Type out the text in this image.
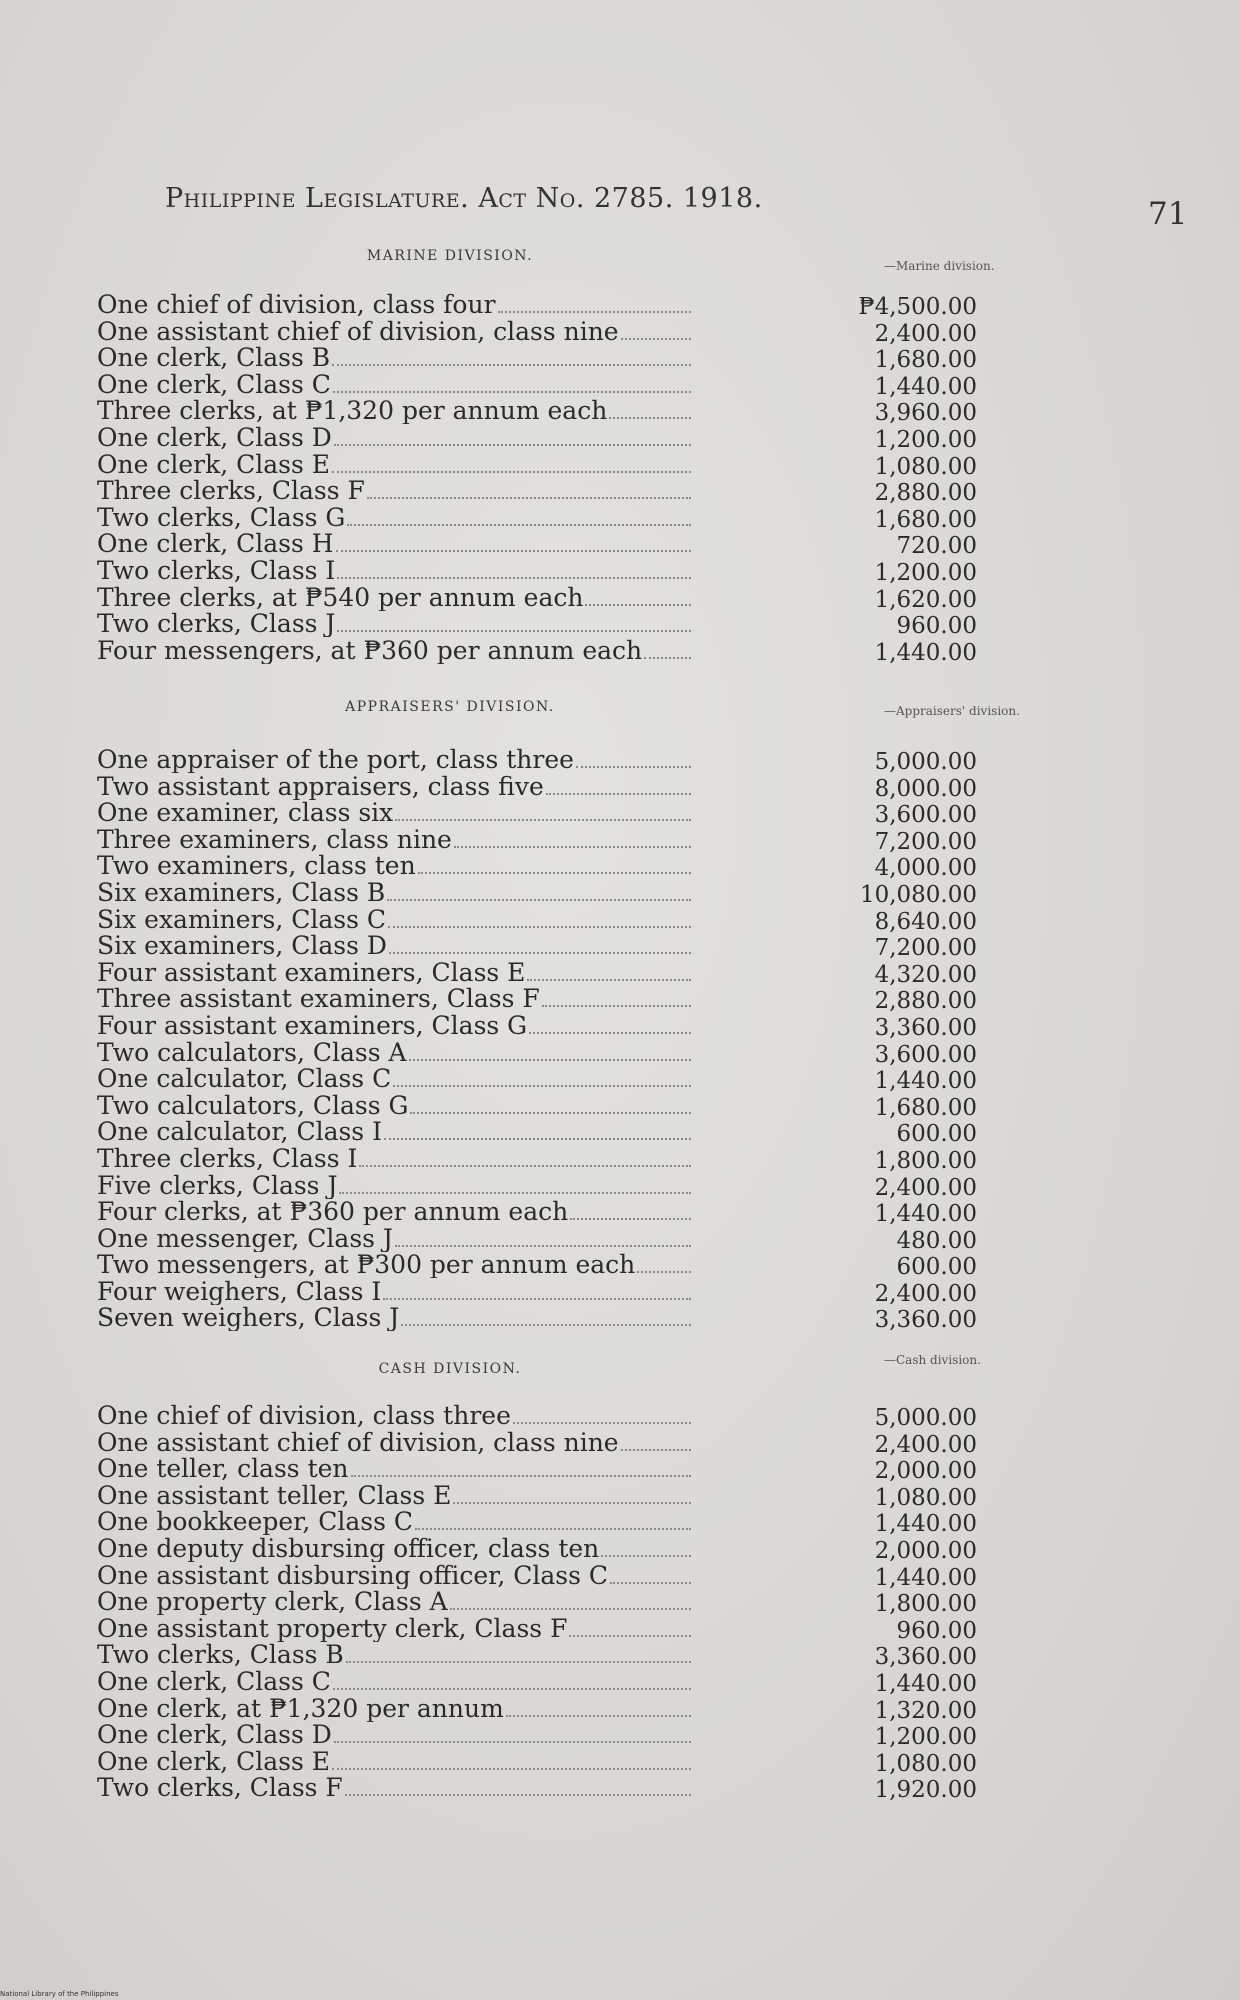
Philippine Legislature. Act No. 2785. 1918.	71
MARINE DIVISION.
—Marine division.
One chief of division, class four	₱4,500.00
One assistant chief of division, class nine	2,400.00
One clerk, Class B	1,680.00
One clerk, Class C	1,440.00
Three clerks, at ₱1,320 per annum each	3,960.00
One clerk, Class D	1,200.00
One clerk, Class E	1,080.00
Three clerks, Class F	2,880.00
Two clerks, Class G	1,680.00
One clerk, Class H	720.00
Two clerks, Class I	1,200.00
Three clerks, at ₱540 per annum each	1,620.00
Two clerks, Class J	960.00
Four messengers, at ₱360 per annum each	1,440.00
APPRAISERS' DIVISION.	—Appraisers' division.
One appraiser of the port, class three	5,000.00
Two assistant appraisers, class five	8,000.00
One examiner, class six	3,600.00
Three examiners, class nine	7,200.00
Two examiners, class ten	4,000.00
Six examiners, Class B	10,080.00
Six examiners, Class C	8,640.00
Six examiners, Class D	7,200.00
Four assistant examiners, Class E	4,320.00
Three assistant examiners, Class F	2,880.00
Four assistant examiners, Class G	3,360.00
Two calculators, Class A	3,600.00
One calculator, Class C	1,440.00
Two calculators, Class G	1,680.00
One calculator, Class I	600.00
Three clerks, Class I	1,800.00
Five clerks, Class J	2,400.00
Four clerks, at ₱360 per annum each	1,440.00
One messenger, Class J	480.00
Two messengers, at ₱300 per annum each	600.00
Four weighers, Class I	2,400.00
Seven weighers, Class J	3,360.00
CASH DIVISION.
—Cash division.
One chief of division, class three	5,000.00
One assistant chief of division, class nine	2,400.00
One teller, class ten	2,000.00
One assistant teller, Class E	1,080.00
One bookkeeper, Class C	1,440.00
One deputy disbursing officer, class ten	2,000.00
One assistant disbursing officer, Class C	1,440.00
One property clerk, Class A	1,800.00
One assistant property clerk, Class F	960.00
Two clerks, Class B	3,360.00
One clerk, Class C	1,440.00
One clerk, at ₱1,320 per annum	1,320.00
One clerk, Class D	1,200.00
One clerk, Class E	1,080.00
Two clerks, Class F	1,920.00
National Library of the Philippines
